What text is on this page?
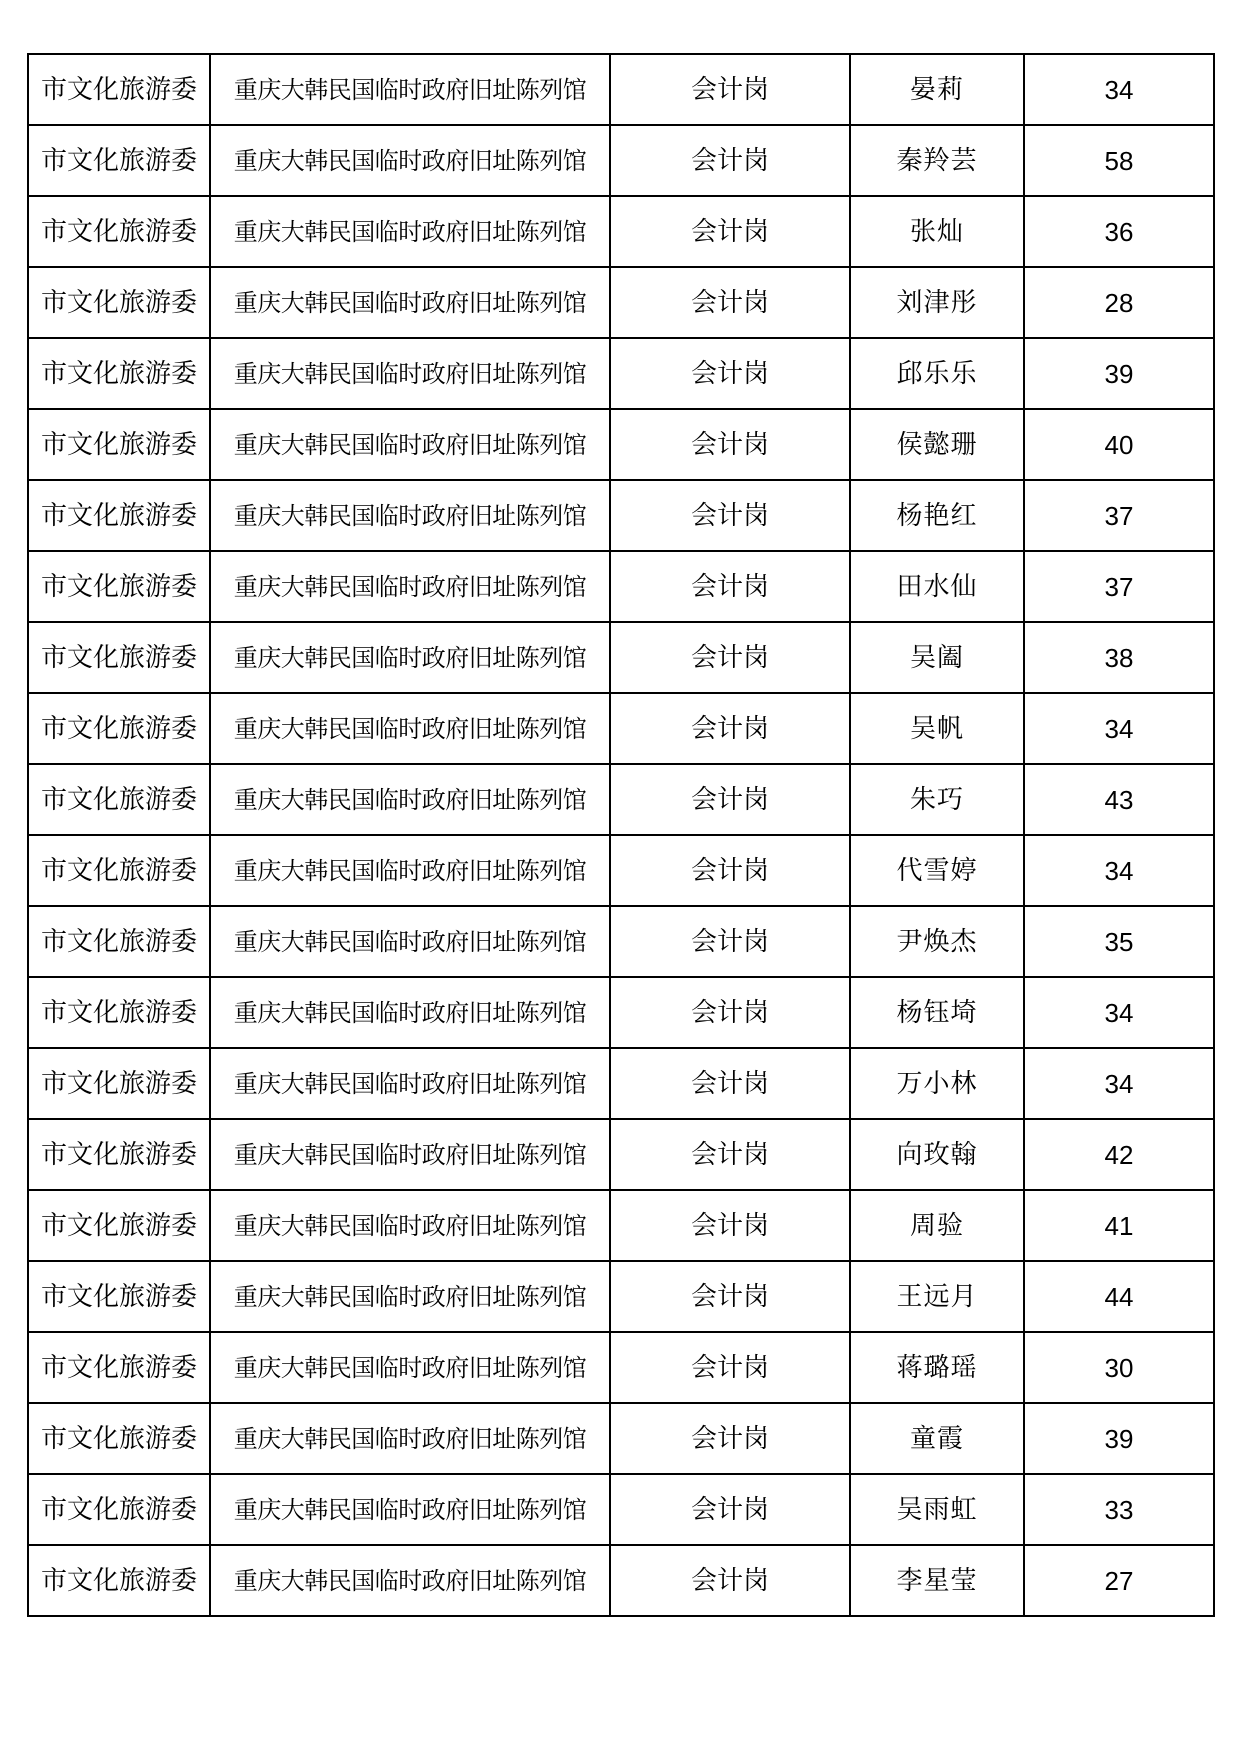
市文化旅游委	重庆大韩民国临时政府旧址陈列馆	会计岗	晏莉	34
市文化旅游委	重庆大韩民国临时政府旧址陈列馆	会计岗	秦羚芸	58
市文化旅游委	重庆大韩民国临时政府旧址陈列馆	会计岗	张灿	36
市文化旅游委	重庆大韩民国临时政府旧址陈列馆	会计岗	刘津彤	28
市文化旅游委	重庆大韩民国临时政府旧址陈列馆	会计岗	邱乐乐	39
市文化旅游委	重庆大韩民国临时政府旧址陈列馆	会计岗	侯懿珊	40
市文化旅游委	重庆大韩民国临时政府旧址陈列馆	会计岗	杨艳红	37
市文化旅游委	重庆大韩民国临时政府旧址陈列馆	会计岗	田水仙	37
市文化旅游委	重庆大韩民国临时政府旧址陈列馆	会计岗	吴阖	38
市文化旅游委	重庆大韩民国临时政府旧址陈列馆	会计岗	吴帆	34
市文化旅游委	重庆大韩民国临时政府旧址陈列馆	会计岗	朱巧	43
市文化旅游委	重庆大韩民国临时政府旧址陈列馆	会计岗	代雪婷	34
市文化旅游委	重庆大韩民国临时政府旧址陈列馆	会计岗	尹焕杰	35
市文化旅游委	重庆大韩民国临时政府旧址陈列馆	会计岗	杨钰埼	34
市文化旅游委	重庆大韩民国临时政府旧址陈列馆	会计岗	万小林	34
市文化旅游委	重庆大韩民国临时政府旧址陈列馆	会计岗	向玫翰	42
市文化旅游委	重庆大韩民国临时政府旧址陈列馆	会计岗	周验	41
市文化旅游委	重庆大韩民国临时政府旧址陈列馆	会计岗	王远月	44
市文化旅游委	重庆大韩民国临时政府旧址陈列馆	会计岗	蒋璐瑶	30
市文化旅游委	重庆大韩民国临时政府旧址陈列馆	会计岗	童霞	39
市文化旅游委	重庆大韩民国临时政府旧址陈列馆	会计岗	吴雨虹	33
市文化旅游委	重庆大韩民国临时政府旧址陈列馆	会计岗	李星莹	27
